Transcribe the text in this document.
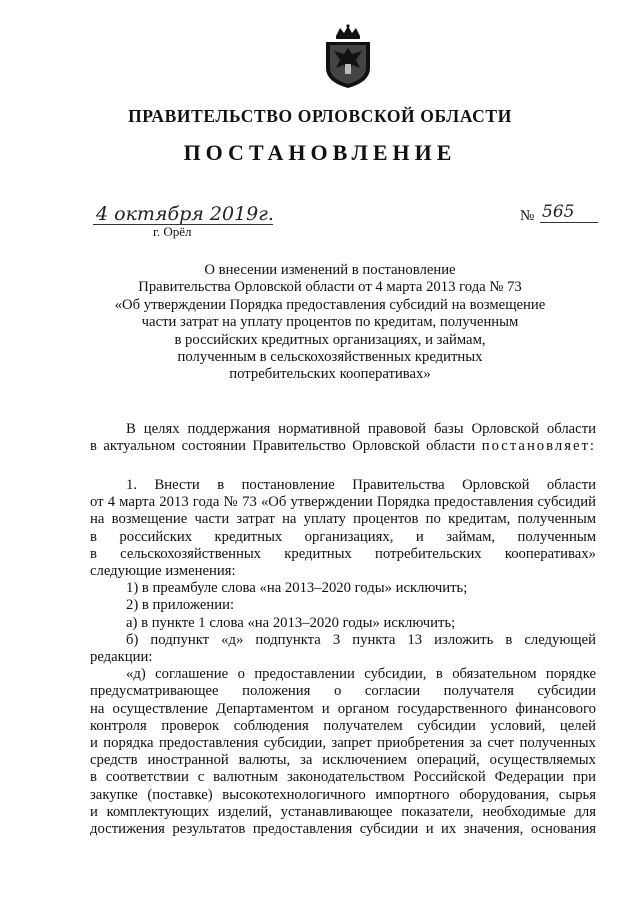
ПРАВИТЕЛЬСТВО ОРЛОВСКОЙ ОБЛАСТИ
ПОСТАНОВЛЕНИЕ
4 октября 2019г.
г. Орёл
№ 565
О внесении изменений в постановление
Правительства Орловской области от 4 марта 2013 года № 73
«Об утверждении Порядка предоставления субсидий на возмещение
части затрат на уплату процентов по кредитам, полученным
в российских кредитных организациях, и займам,
полученным в сельскохозяйственных кредитных
потребительских кооперативах»
В целях поддержания нормативной правовой базы Орловской области
в актуальном состоянии Правительство Орловской области постановляет:
1. Внести в постановление Правительства Орловской области
от 4 марта 2013 года № 73 «Об утверждении Порядка предоставления субсидий
на возмещение части затрат на уплату процентов по кредитам, полученным
в российских кредитных организациях, и займам, полученным
в сельскохозяйственных кредитных потребительских кооперативах»
следующие изменения:
1) в преамбуле слова «на 2013–2020 годы» исключить;
2) в приложении:
а) в пункте 1 слова «на 2013–2020 годы» исключить;
б) подпункт «д» подпункта 3 пункта 13 изложить в следующей
редакции:
«д) соглашение о предоставлении субсидии, в обязательном порядке
предусматривающее положения о согласии получателя субсидии
на осуществление Департаментом и органом государственного финансового
контроля проверок соблюдения получателем субсидии условий, целей
и порядка предоставления субсидии, запрет приобретения за счет полученных
средств иностранной валюты, за исключением операций, осуществляемых
в соответствии с валютным законодательством Российской Федерации при
закупке (поставке) высокотехнологичного импортного оборудования, сырья
и комплектующих изделий, устанавливающее показатели, необходимые для
достижения результатов предоставления субсидии и их значения, основания
